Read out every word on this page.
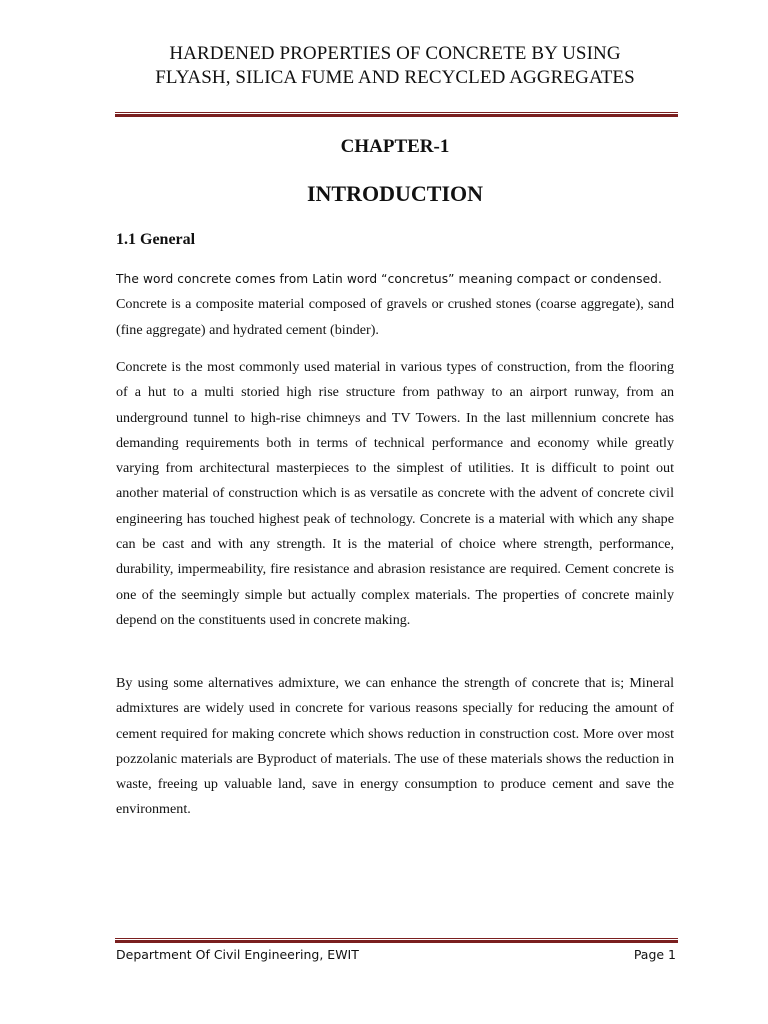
HARDENED PROPERTIES OF CONCRETE BY USING
FLYASH, SILICA FUME AND RECYCLED AGGREGATES
CHAPTER-1
INTRODUCTION
1.1 General
The word concrete comes from Latin word “concretus” meaning compact or condensed.
Concrete is a composite material composed of gravels or crushed stones (coarse aggregate), sand (fine aggregate) and hydrated cement (binder).
Concrete is the most commonly used material in various types of construction, from the flooring of a hut to a multi storied high rise structure from pathway to an airport runway, from an underground tunnel to high-rise chimneys and TV Towers. In the last millennium concrete has demanding requirements both in terms of technical performance and economy while greatly varying from architectural masterpieces to the simplest of utilities. It is difficult to point out another material of construction which is as versatile as concrete with the advent of concrete civil engineering has touched highest peak of technology. Concrete is a material with which any shape can be cast and with any strength. It is the material of choice where strength, performance, durability, impermeability, fire resistance and abrasion resistance are required. Cement concrete is one of the seemingly simple but actually complex materials. The properties of concrete mainly depend on the constituents used in concrete making.
By using some alternatives admixture, we can enhance the strength of concrete that is; Mineral admixtures are widely used in concrete for various reasons specially for reducing the amount of cement required for making concrete which shows reduction in construction cost. More over most pozzolanic materials are Byproduct of materials. The use of these materials shows the reduction in waste, freeing up valuable land, save in energy consumption to produce cement and save the environment.
Department Of Civil Engineering, EWIT	Page 1
